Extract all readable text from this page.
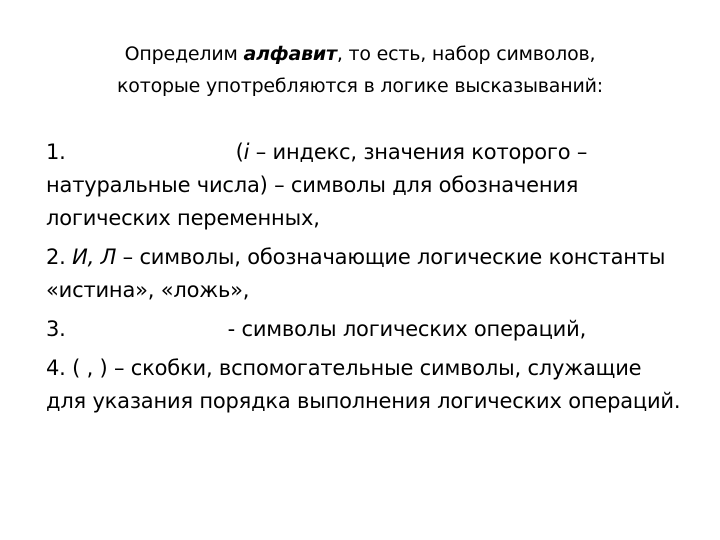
Определим алфавит, то есть, набор символов,
которые употребляются в логике высказываний:
1.	(i – индекс, значения которого – натуральные числа) – символы для обозначения логических переменных,
2. И, Л – символы, обозначающие логические константы «истина», «ложь»,
3.	- символы логических операций,
4. ( , ) – скобки, вспомогательные символы, служащие для указания порядка выполнения логических операций.
